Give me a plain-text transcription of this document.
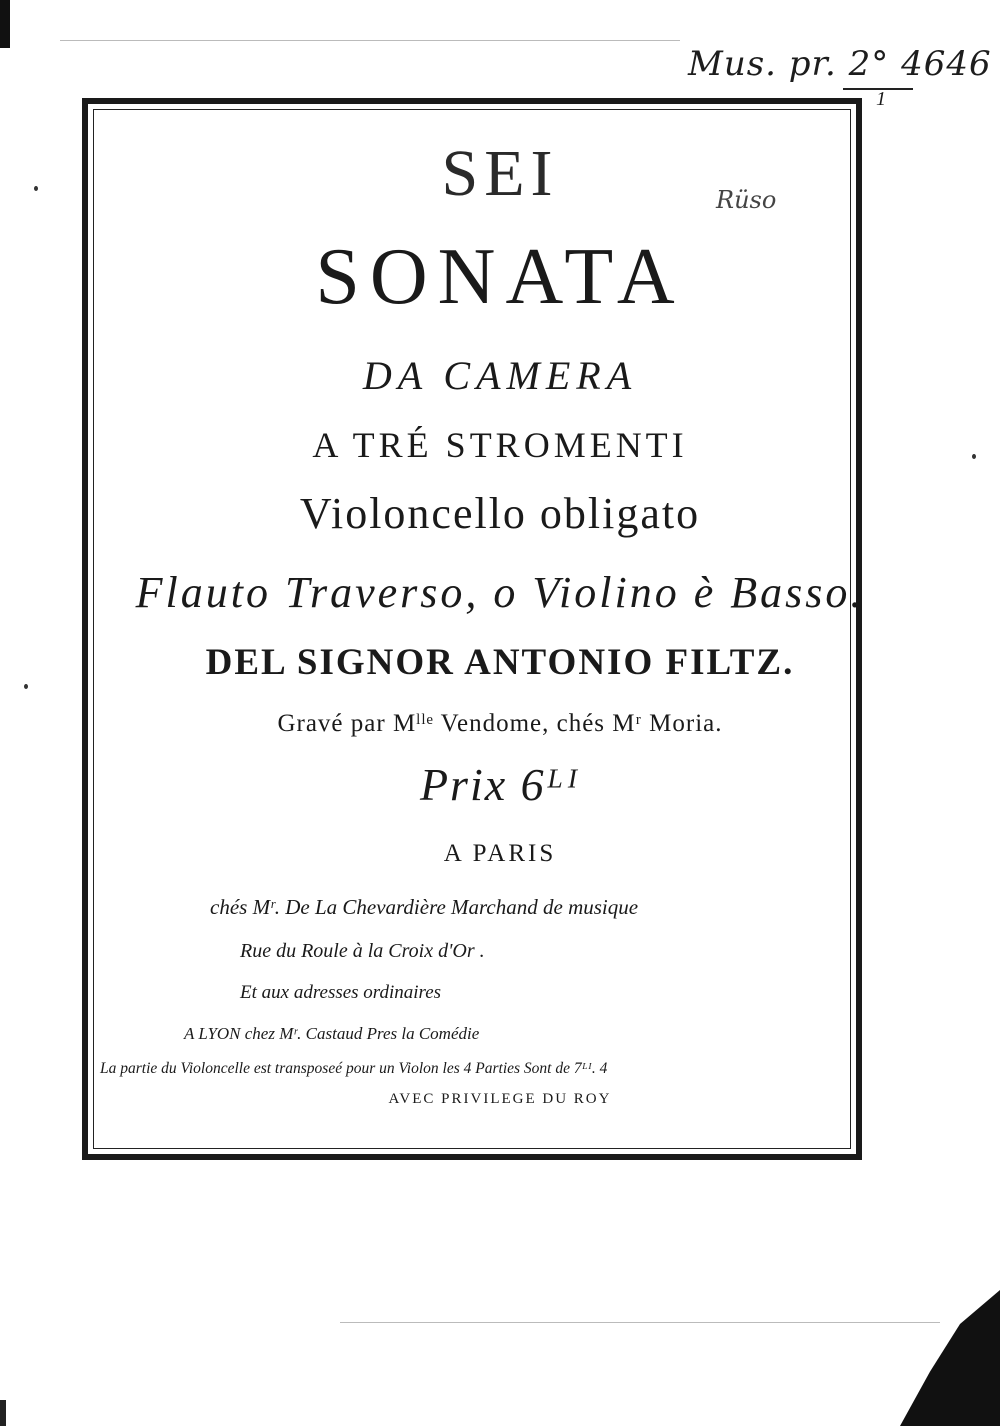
Mus. pr. 2° 4646
1
Rüso
SEI
SONATA
DA CAMERA
A TRÉ STROMENTI
Violoncello obligato
Flauto Traverso, o Violino è Basso.
DEL SIGNOR ANTONIO FILTZ.
Gravé par Mˡˡᵉ Vendome, chés Mʳ Moria.
Prix 6ᴸᴵ
A PARIS
chés Mʳ. De La Chevardière Marchand de musique
Rue du Roule à la Croix d'Or .
Et aux adresses ordinaires
A LYON chez Mʳ. Castaud Pres la Comédie
La partie du Violoncelle est transposeé pour un Violon les 4 Parties Sont de 7ᴸᴵ. 4
AVEC PRIVILEGE DU ROY
